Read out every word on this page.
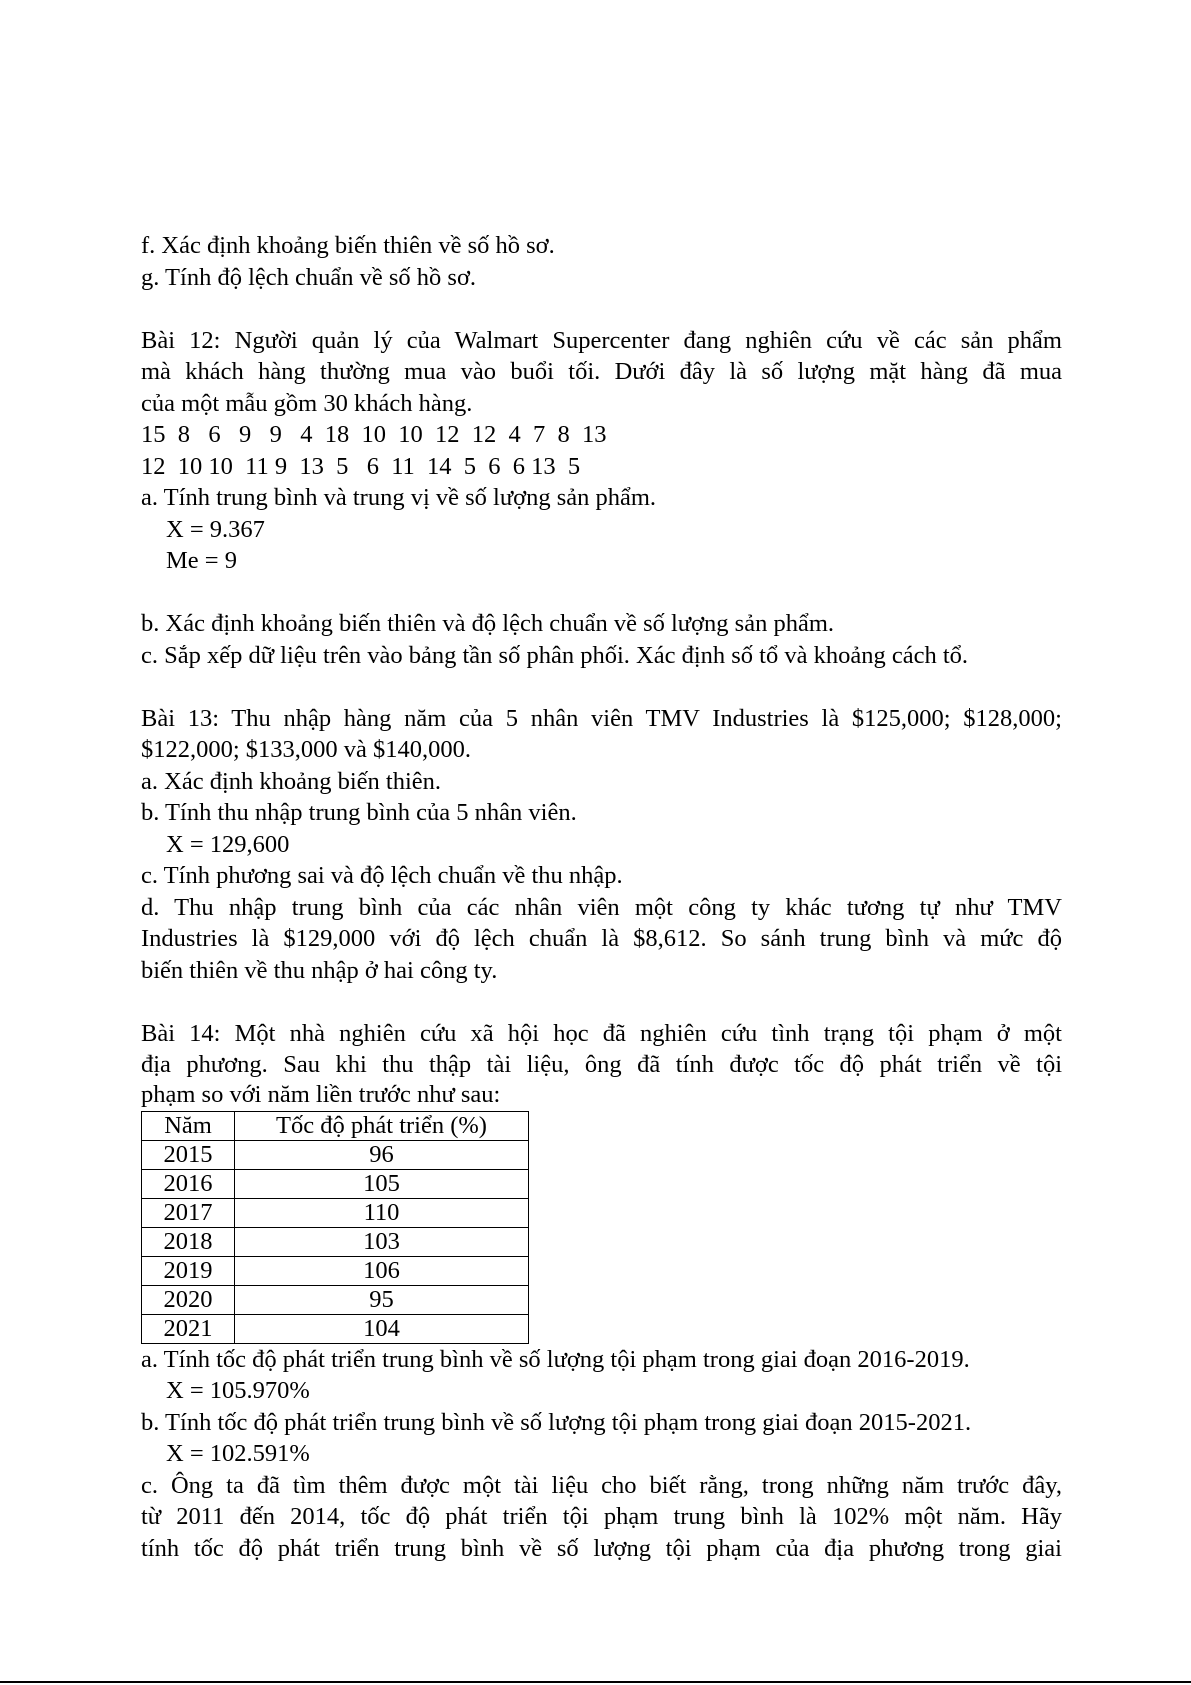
f. Xác định khoảng biến thiên về số hồ sơ.
g. Tính độ lệch chuẩn về số hồ sơ.
Bài 12: Người quản lý của Walmart Supercenter đang nghiên cứu về các sản phẩm
mà khách hàng thường mua vào buổi tối. Dưới đây là số lượng mặt hàng đã mua
của một mẫu gồm 30 khách hàng.
15  8   6   9   9   4  18  10  10  12  12  4  7  8  13
12  10 10  11 9  13  5   6  11  14  5  6  6 13  5
a. Tính trung bình và trung vị về số lượng sản phẩm.
X = 9.367
Me = 9
b. Xác định khoảng biến thiên và độ lệch chuẩn về số lượng sản phẩm.
c. Sắp xếp dữ liệu trên vào bảng tần số phân phối. Xác định số tổ và khoảng cách tổ.
Bài 13: Thu nhập hàng năm của 5 nhân viên TMV Industries là $125,000; $128,000;
$122,000; $133,000 và $140,000.
a. Xác định khoảng biến thiên.
b. Tính thu nhập trung bình của 5 nhân viên.
X = 129,600
c. Tính phương sai và độ lệch chuẩn về thu nhập.
d. Thu nhập trung bình của các nhân viên một công ty khác tương tự như TMV
Industries là $129,000 với độ lệch chuẩn là $8,612. So sánh trung bình và mức độ
biến thiên về thu nhập ở hai công ty.
Bài 14: Một nhà nghiên cứu xã hội học đã nghiên cứu tình trạng tội phạm ở một
địa phương. Sau khi thu thập tài liệu, ông đã tính được tốc độ phát triển về tội
phạm so với năm liền trước như sau:
Năm	Tốc độ phát triển (%)
2015	96
2016	105
2017	110
2018	103
2019	106
2020	95
2021	104
a. Tính tốc độ phát triển trung bình về số lượng tội phạm trong giai đoạn 2016-2019.
X = 105.970%
b. Tính tốc độ phát triển trung bình về số lượng tội phạm trong giai đoạn 2015-2021.
X = 102.591%
c. Ông ta đã tìm thêm được một tài liệu cho biết rằng, trong những năm trước đây,
từ 2011 đến 2014, tốc độ phát triển tội phạm trung bình là 102% một năm. Hãy
tính tốc độ phát triển trung bình về số lượng tội phạm của địa phương trong giai
